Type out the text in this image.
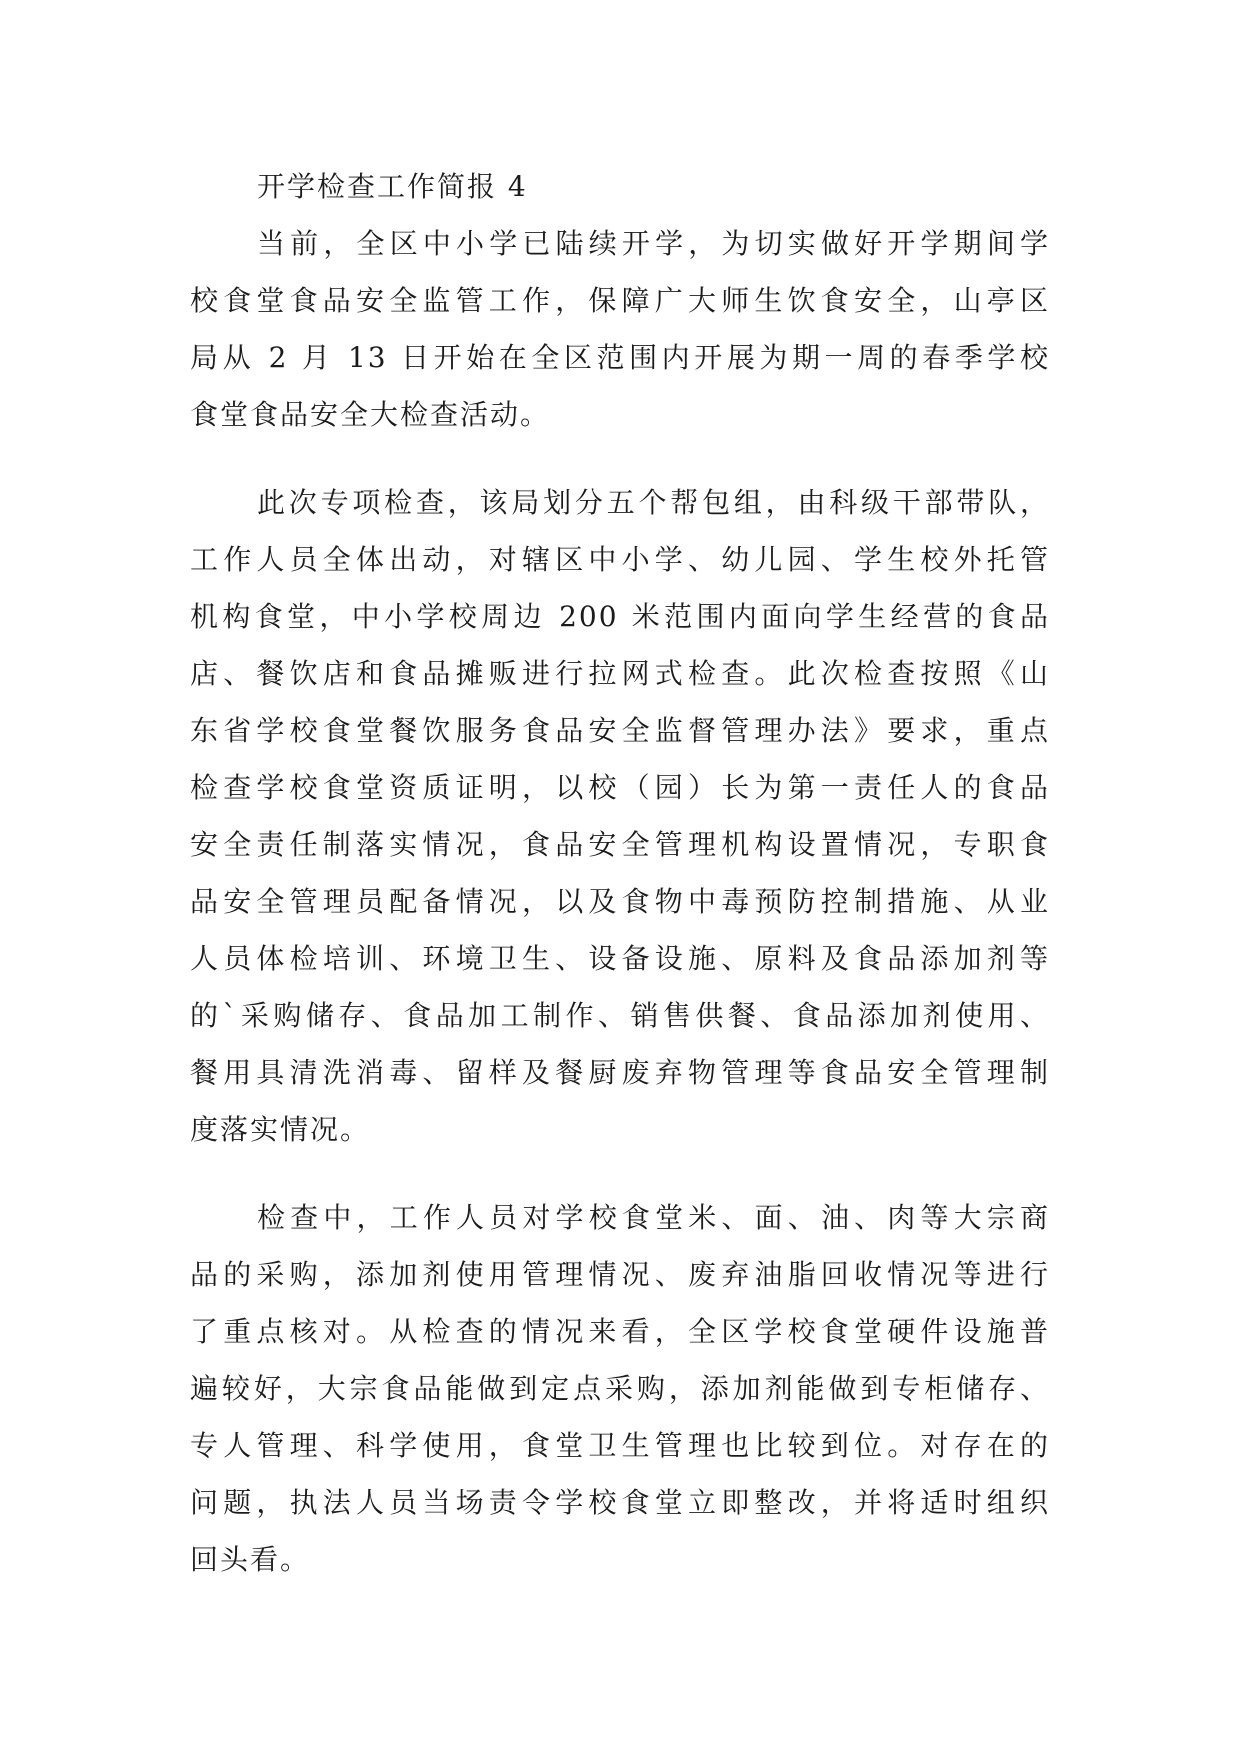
开学检查工作简报 4
当前，全区中小学已陆续开学，为切实做好开学期间学
校食堂食品安全监管工作，保障广大师生饮食安全，山亭区
局从 2 月 13 日开始在全区范围内开展为期一周的春季学校
食堂食品安全大检查活动。
此次专项检查，该局划分五个帮包组，由科级干部带队，
工作人员全体出动，对辖区中小学、幼儿园、学生校外托管
机构食堂，中小学校周边 200 米范围内面向学生经营的食品
店、餐饮店和食品摊贩进行拉网式检查。此次检查按照《山
东省学校食堂餐饮服务食品安全监督管理办法》要求，重点
检查学校食堂资质证明，以校（园）长为第一责任人的食品
安全责任制落实情况，食品安全管理机构设置情况，专职食
品安全管理员配备情况，以及食物中毒预防控制措施、从业
人员体检培训、环境卫生、设备设施、原料及食品添加剂等
的`采购储存、食品加工制作、销售供餐、食品添加剂使用、
餐用具清洗消毒、留样及餐厨废弃物管理等食品安全管理制
度落实情况。
检查中，工作人员对学校食堂米、面、油、肉等大宗商
品的采购，添加剂使用管理情况、废弃油脂回收情况等进行
了重点核对。从检查的情况来看，全区学校食堂硬件设施普
遍较好，大宗食品能做到定点采购，添加剂能做到专柜储存、
专人管理、科学使用，食堂卫生管理也比较到位。对存在的
问题，执法人员当场责令学校食堂立即整改，并将适时组织
回头看。
